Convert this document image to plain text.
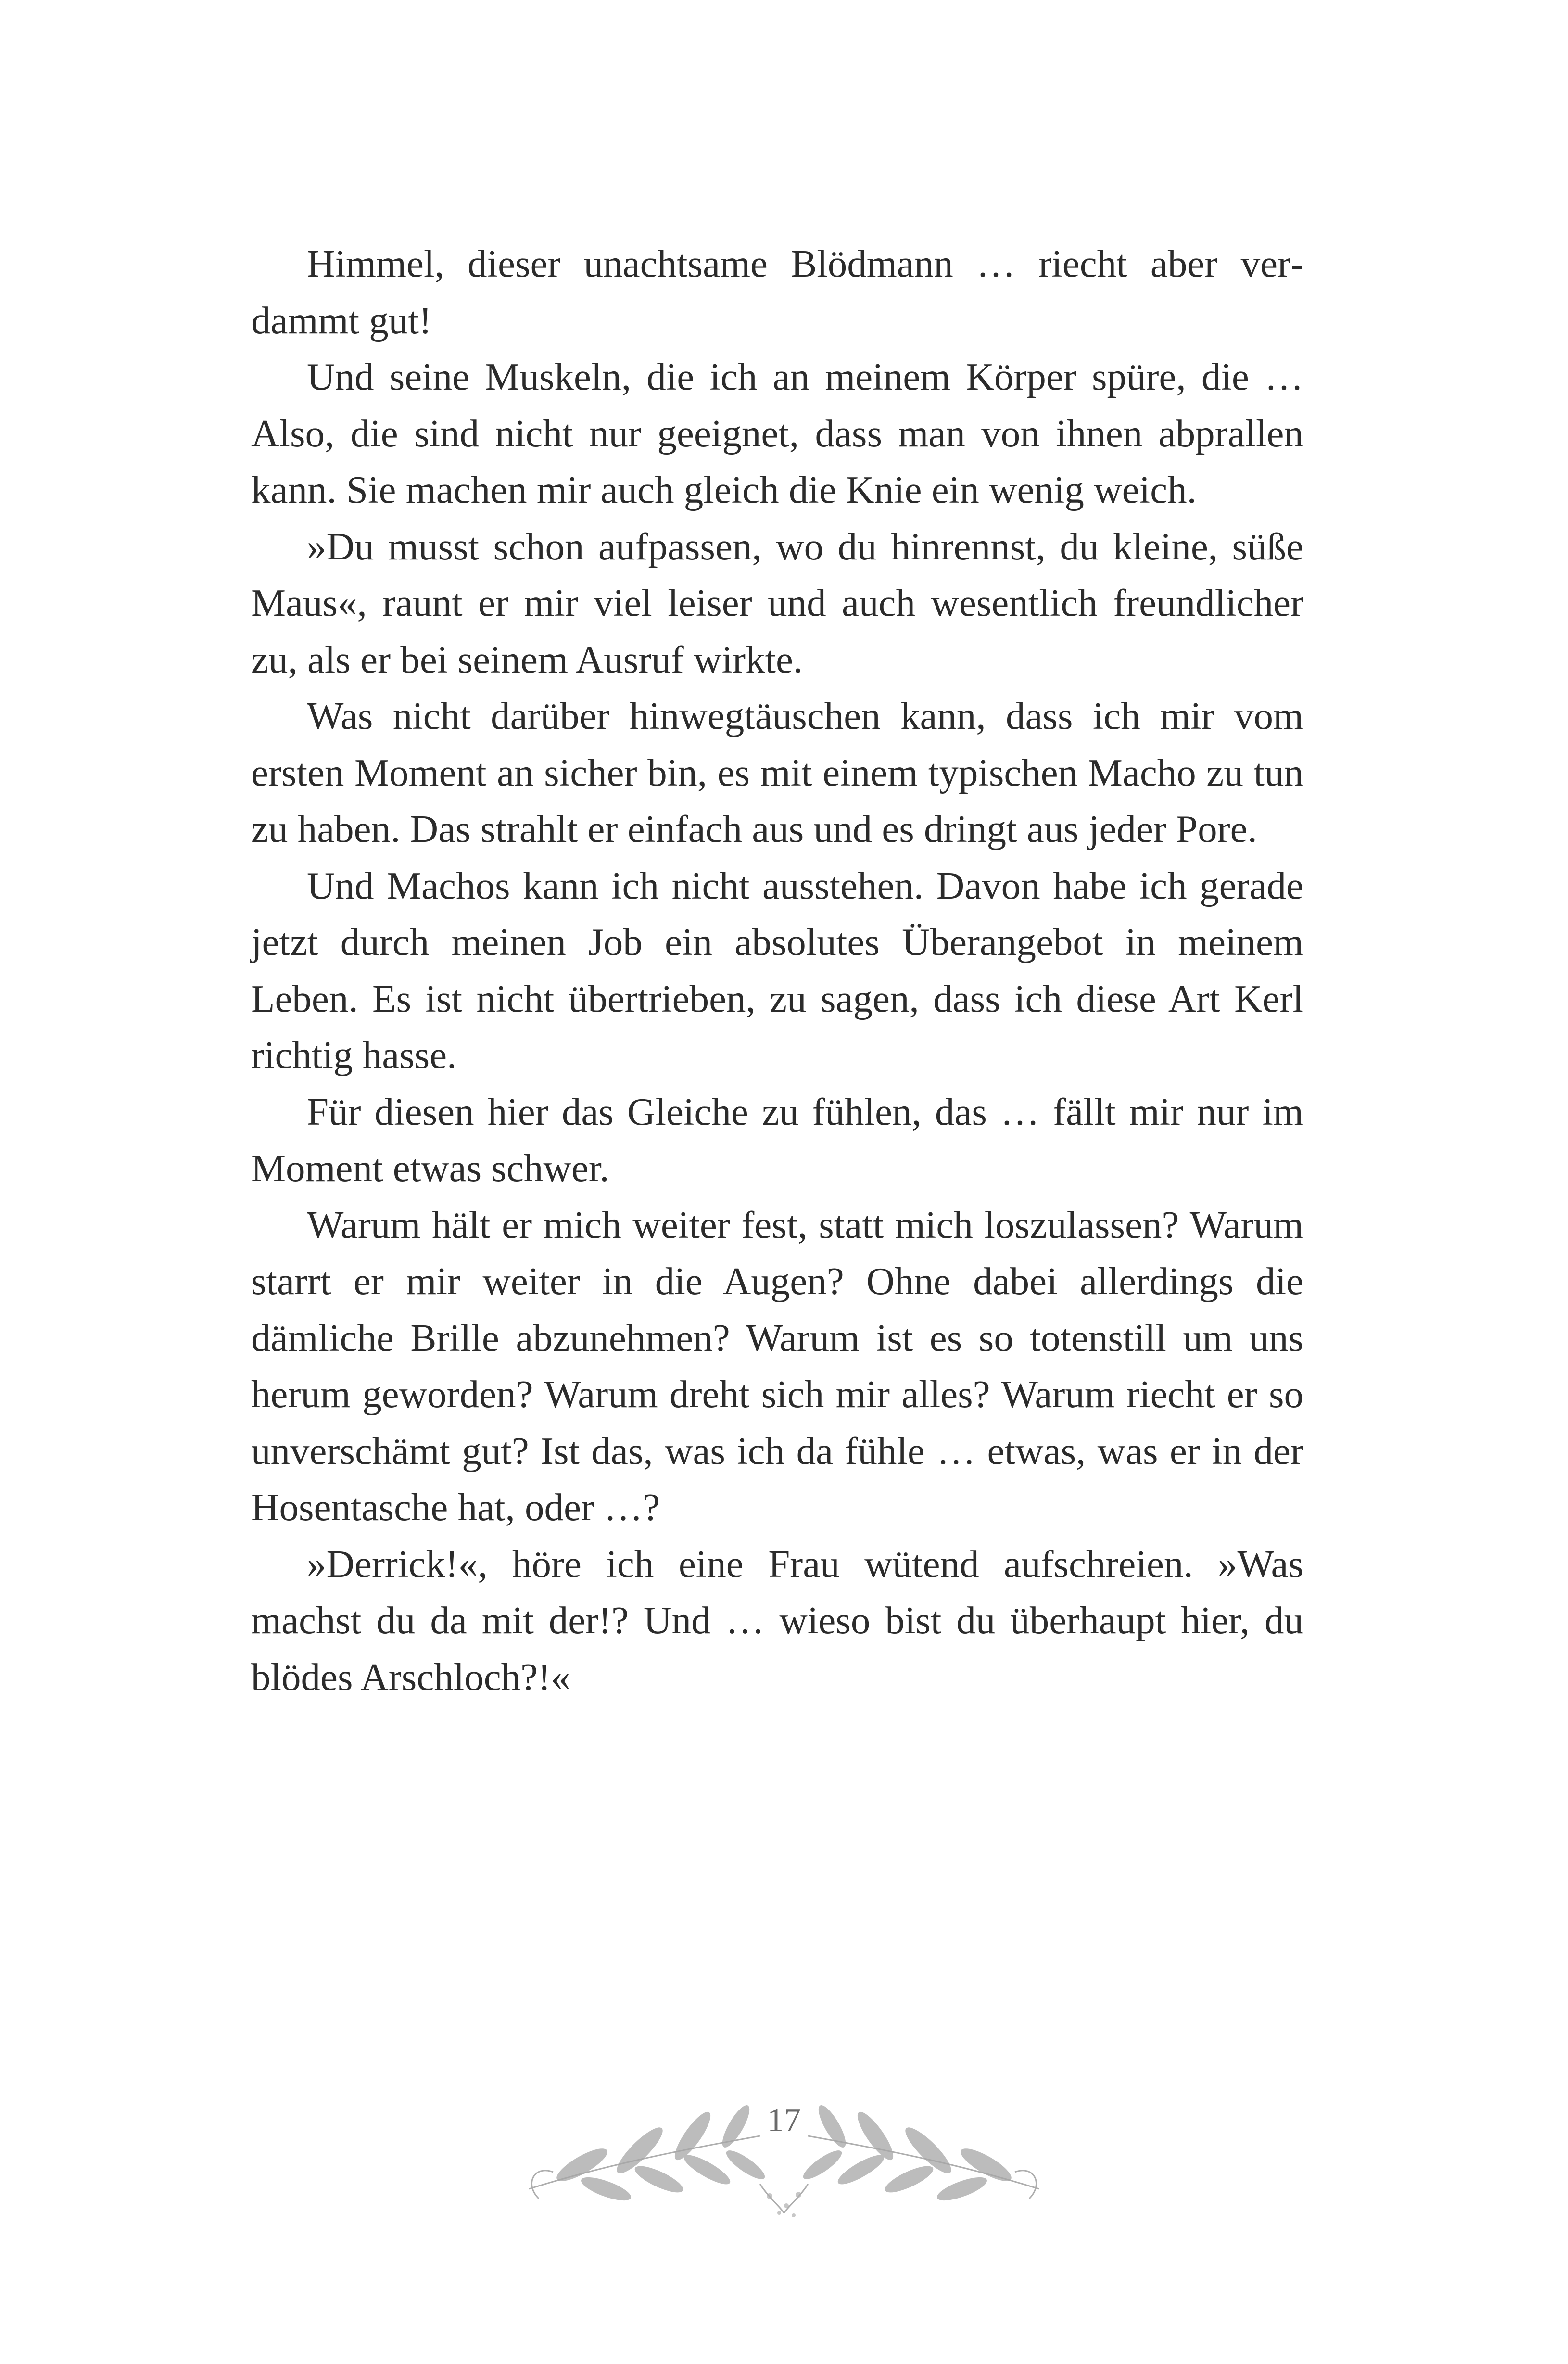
Himmel, dieser unachtsame Blödmann … riecht aber verdammt gut!

Und seine Muskeln, die ich an meinem Körper spüre, die … Also, die sind nicht nur geeignet, dass man von ihnen abprallen kann. Sie machen mir auch gleich die Knie ein wenig weich.

»Du musst schon aufpassen, wo du hinrennst, du kleine, süße Maus«, raunt er mir viel leiser und auch wesentlich freundlicher zu, als er bei seinem Ausruf wirkte.

Was nicht darüber hinwegtäuschen kann, dass ich mir vom ersten Moment an sicher bin, es mit einem typischen Macho zu tun zu haben. Das strahlt er einfach aus und es dringt aus jeder Pore.

Und Machos kann ich nicht ausstehen. Davon habe ich gerade jetzt durch meinen Job ein absolutes Überangebot in meinem Leben. Es ist nicht übertrieben, zu sagen, dass ich diese Art Kerl richtig hasse.

Für diesen hier das Gleiche zu fühlen, das … fällt mir nur im Moment etwas schwer.

Warum hält er mich weiter fest, statt mich loszulassen? Warum starrt er mir weiter in die Augen? Ohne dabei allerdings die dämliche Brille abzunehmen? Warum ist es so totenstill um uns herum geworden? Warum dreht sich mir alles? Warum riecht er so unverschämt gut? Ist das, was ich da fühle … etwas, was er in der Hosentasche hat, oder …?

»Derrick!«, höre ich eine Frau wütend aufschreien. »Was machst du da mit der!? Und … wieso bist du überhaupt hier, du blödes Arschloch?!«

17
